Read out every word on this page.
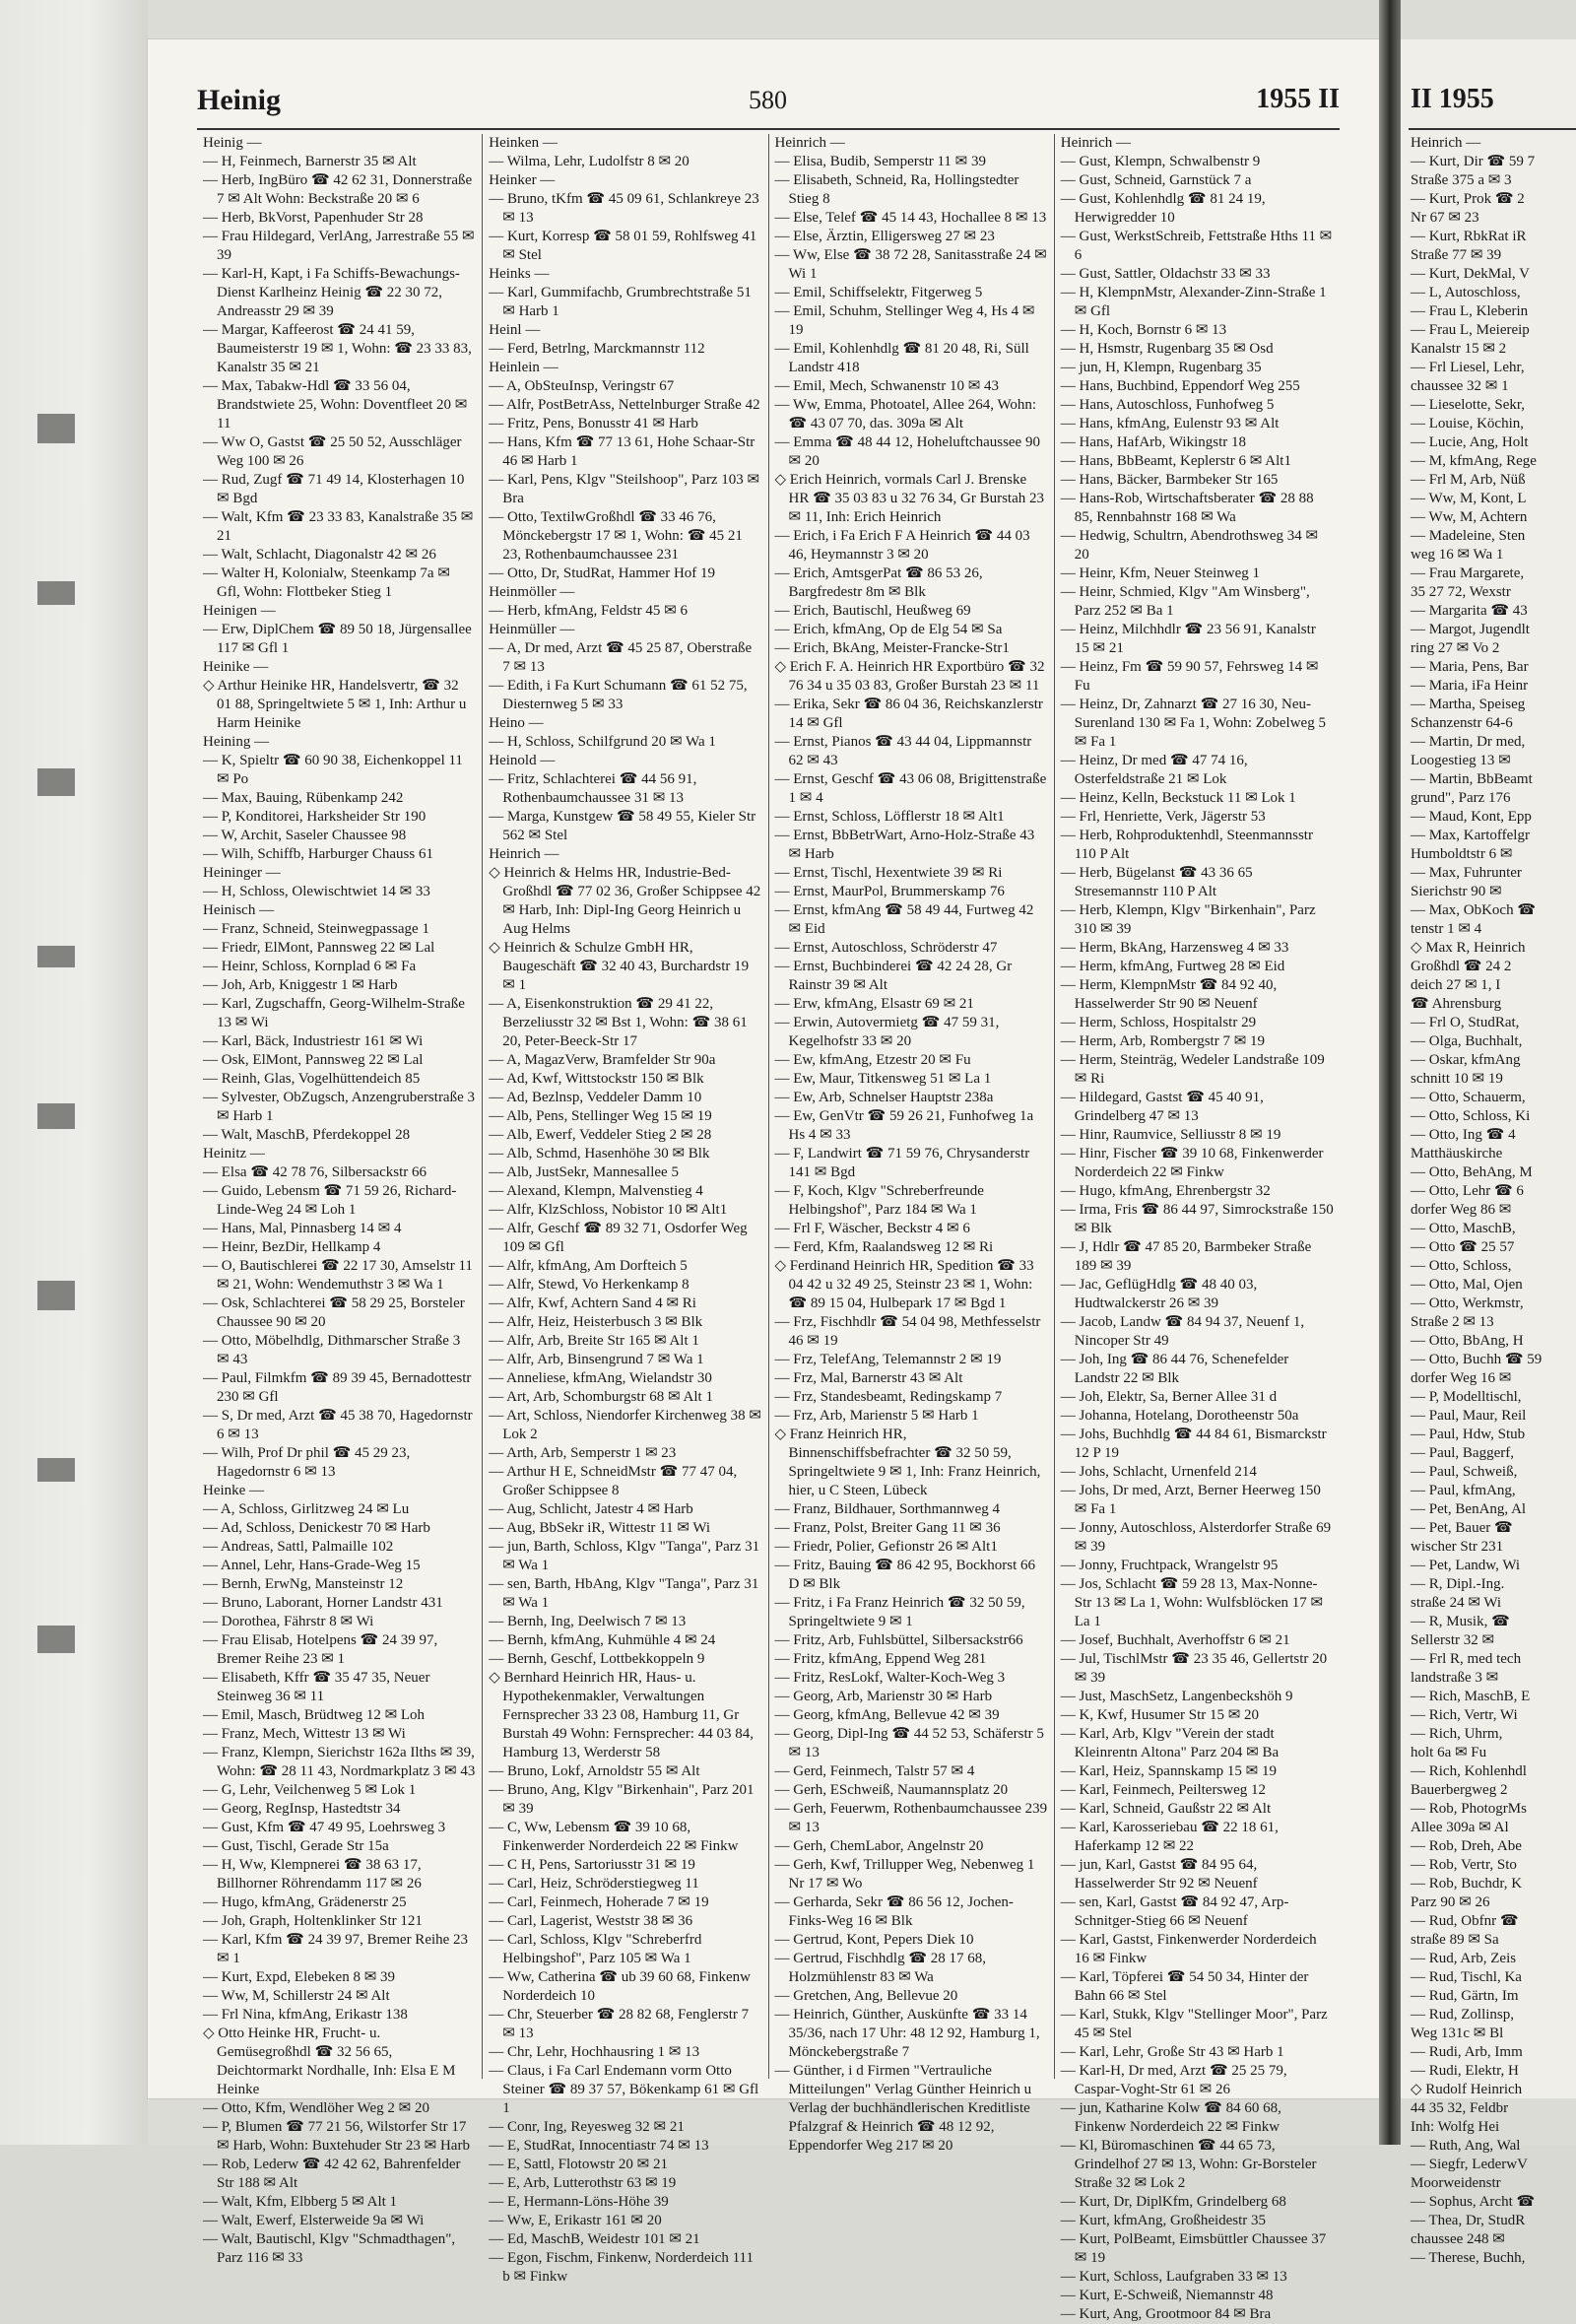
Heinig	580	1955 II

Heinig —

— H, Feinmech, Barnerstr 35 ✉ Alt

— Herb, IngBüro ☎ 42 62 31, Donnerstraße 7 ✉ Alt Wohn: Beckstraße 20 ✉ 6

— Herb, BkVorst, Papenhuder Str 28

— Frau Hildegard, VerlAng, Jarrestraße 55 ✉ 39

— Karl-H, Kapt, i Fa Schiffs-Bewachungs-Dienst Karlheinz Heinig ☎ 22 30 72, Andreasstr 29 ✉ 39

— Margar, Kaffeerost ☎ 24 41 59, Baumeisterstr 19 ✉ 1, Wohn: ☎ 23 33 83, Kanalstr 35 ✉ 21

— Max, Tabakw-Hdl ☎ 33 56 04, Brandstwiete 25, Wohn: Doventfleet 20 ✉ 11

— Ww O, Gastst ☎ 25 50 52, Ausschläger Weg 100 ✉ 26

— Rud, Zugf ☎ 71 49 14, Klosterhagen 10 ✉ Bgd

— Walt, Kfm ☎ 23 33 83, Kanalstraße 35 ✉ 21

— Walt, Schlacht, Diagonalstr 42 ✉ 26

— Walter H, Kolonialw, Steenkamp 7a ✉ Gfl, Wohn: Flottbeker Stieg 1

Heinigen —

— Erw, DiplChem ☎ 89 50 18, Jürgensallee 117 ✉ Gfl 1

Heinike —

◇ Arthur Heinike HR, Handelsvertr, ☎ 32 01 88, Springeltwiete 5 ✉ 1, Inh: Arthur u Harm Heinike

Heining —

— K, Spieltr ☎ 60 90 38, Eichenkoppel 11 ✉ Po

— Max, Bauing, Rübenkamp 242

— P, Konditorei, Harksheider Str 190

— W, Archit, Saseler Chaussee 98

— Wilh, Schiffb, Harburger Chauss 61

Heininger —

— H, Schloss, Olewischtwiet 14 ✉ 33

Heinisch —

— Franz, Schneid, Steinwegpassage 1

— Friedr, ElMont, Pannsweg 22 ✉ Lal

— Heinr, Schloss, Kornplad 6 ✉ Fa

— Joh, Arb, Kniggestr 1 ✉ Harb

— Karl, Zugschaffn, Georg-Wilhelm-Straße 13 ✉ Wi

— Karl, Bäck, Industriestr 161 ✉ Wi

— Osk, ElMont, Pannsweg 22 ✉ Lal

— Reinh, Glas, Vogelhüttendeich 85

— Sylvester, ObZugsch, Anzengruberstraße 3 ✉ Harb 1

— Walt, MaschB, Pferdekoppel 28

Heinitz —

— Elsa ☎ 42 78 76, Silbersackstr 66

— Guido, Lebensm ☎ 71 59 26, Richard-Linde-Weg 24 ✉ Loh 1

— Hans, Mal, Pinnasberg 14 ✉ 4

— Heinr, BezDir, Hellkamp 4

— O, Bautischlerei ☎ 22 17 30, Amselstr 11 ✉ 21, Wohn: Wendemuthstr 3 ✉ Wa 1

— Osk, Schlachterei ☎ 58 29 25, Borsteler Chaussee 90 ✉ 20

— Otto, Möbelhdlg, Dithmarscher Straße 3 ✉ 43

— Paul, Filmkfm ☎ 89 39 45, Bernadottestr 230 ✉ Gfl

— S, Dr med, Arzt ☎ 45 38 70, Hagedornstr 6 ✉ 13

— Wilh, Prof Dr phil ☎ 45 29 23, Hagedornstr 6 ✉ 13

Heinke —

— A, Schloss, Girlitzweg 24 ✉ Lu

— Ad, Schloss, Denickestr 70 ✉ Harb

— Andreas, Sattl, Palmaille 102

— Annel, Lehr, Hans-Grade-Weg 15

— Bernh, ErwNg, Mansteinstr 12

— Bruno, Laborant, Horner Landstr 431

— Dorothea, Fährstr 8 ✉ Wi

— Frau Elisab, Hotelpens ☎ 24 39 97, Bremer Reihe 23 ✉ 1

— Elisabeth, Kffr ☎ 35 47 35, Neuer Steinweg 36 ✉ 11

— Emil, Masch, Brüdtweg 12 ✉ Loh

— Franz, Mech, Wittestr 13 ✉ Wi

— Franz, Klempn, Sierichstr 162a Ilths ✉ 39, Wohn: ☎ 28 11 43, Nordmarkplatz 3 ✉ 43

— G, Lehr, Veilchenweg 5 ✉ Lok 1

— Georg, RegInsp, Hastedtstr 34

— Gust, Kfm ☎ 47 49 95, Loehrsweg 3

— Gust, Tischl, Gerade Str 15a

— H, Ww, Klempnerei ☎ 38 63 17, Billhorner Röhrendamm 117 ✉ 26

— Hugo, kfmAng, Grädenerstr 25

— Joh, Graph, Holtenklinker Str 121

— Karl, Kfm ☎ 24 39 97, Bremer Reihe 23 ✉ 1

— Kurt, Expd, Elebeken 8 ✉ 39

— Ww, M, Schillerstr 24 ✉ Alt

— Frl Nina, kfmAng, Erikastr 138

◇ Otto Heinke HR, Frucht- u. Gemüsegroßhdl ☎ 32 56 65, Deichtormarkt Nordhalle, Inh: Elsa E M Heinke

— Otto, Kfm, Wendlöher Weg 2 ✉ 20

— P, Blumen ☎ 77 21 56, Wilstorfer Str 17 ✉ Harb, Wohn: Buxtehuder Str 23 ✉ Harb

— Rob, Lederw ☎ 42 42 62, Bahrenfelder Str 188 ✉ Alt

— Walt, Kfm, Elbberg 5 ✉ Alt 1

— Walt, Ewerf, Elsterweide 9a ✉ Wi

— Walt, Bautischl, Klgv "Schmadthagen", Parz 116 ✉ 33

Heinken —

— Wilma, Lehr, Ludolfstr 8 ✉ 20

Heinker —

— Bruno, tKfm ☎ 45 09 61, Schlankreye 23 ✉ 13

— Kurt, Korresp ☎ 58 01 59, Rohlfsweg 41 ✉ Stel

Heinks —

— Karl, Gummifachb, Grumbrechtstraße 51 ✉ Harb 1

Heinl —

— Ferd, Betrlng, Marckmannstr 112

Heinlein —

— A, ObSteuInsp, Veringstr 67

— Alfr, PostBetrAss, Nettelnburger Straße 42

— Fritz, Pens, Bonusstr 41 ✉ Harb

— Hans, Kfm ☎ 77 13 61, Hohe Schaar-Str 46 ✉ Harb 1

— Karl, Pens, Klgv "Steilshoop", Parz 103 ✉ Bra

— Otto, TextilwGroßhdl ☎ 33 46 76, Mönckebergstr 17 ✉ 1, Wohn: ☎ 45 21 23, Rothenbaumchaussee 231

— Otto, Dr, StudRat, Hammer Hof 19

Heinmöller —

— Herb, kfmAng, Feldstr 45 ✉ 6

Heinmüller —

— A, Dr med, Arzt ☎ 45 25 87, Oberstraße 7 ✉ 13

— Edith, i Fa Kurt Schumann ☎ 61 52 75, Diesternweg 5 ✉ 33

Heino —

— H, Schloss, Schilfgrund 20 ✉ Wa 1

Heinold —

— Fritz, Schlachterei ☎ 44 56 91, Rothenbaumchaussee 31 ✉ 13

— Marga, Kunstgew ☎ 58 49 55, Kieler Str 562 ✉ Stel

Heinrich —

◇ Heinrich & Helms HR, Industrie-Bed-Großhdl ☎ 77 02 36, Großer Schippsee 42 ✉ Harb, Inh: Dipl-Ing Georg Heinrich u Aug Helms

◇ Heinrich & Schulze GmbH HR, Baugeschäft ☎ 32 40 43, Burchardstr 19 ✉ 1

— A, Eisenkonstruktion ☎ 29 41 22, Berzeliusstr 32 ✉ Bst 1, Wohn: ☎ 38 61 20, Peter-Beeck-Str 17

— A, MagazVerw, Bramfelder Str 90a

— Ad, Kwf, Wittstockstr 150 ✉ Blk

— Ad, Bezlnsp, Veddeler Damm 10

— Alb, Pens, Stellinger Weg 15 ✉ 19

— Alb, Ewerf, Veddeler Stieg 2 ✉ 28

— Alb, Schmd, Hasenhöhe 30 ✉ Blk

— Alb, JustSekr, Mannesallee 5

— Alexand, Klempn, Malvenstieg 4

— Alfr, KlzSchloss, Nobistor 10 ✉ Alt1

— Alfr, Geschf ☎ 89 32 71, Osdorfer Weg 109 ✉ Gfl

— Alfr, kfmAng, Am Dorfteich 5

— Alfr, Stewd, Vo Herkenkamp 8

— Alfr, Kwf, Achtern Sand 4 ✉ Ri

— Alfr, Heiz, Heisterbusch 3 ✉ Blk

— Alfr, Arb, Breite Str 165 ✉ Alt 1

— Alfr, Arb, Binsengrund 7 ✉ Wa 1

— Anneliese, kfmAng, Wielandstr 30

— Art, Arb, Schomburgstr 68 ✉ Alt 1

— Art, Schloss, Niendorfer Kirchenweg 38 ✉ Lok 2

— Arth, Arb, Semperstr 1 ✉ 23

— Arthur H E, SchneidMstr ☎ 77 47 04, Großer Schippsee 8

— Aug, Schlicht, Jatestr 4 ✉ Harb

— Aug, BbSekr iR, Wittestr 11 ✉ Wi

— jun, Barth, Schloss, Klgv "Tanga", Parz 31 ✉ Wa 1

— sen, Barth, HbAng, Klgv "Tanga", Parz 31 ✉ Wa 1

— Bernh, Ing, Deelwisch 7 ✉ 13

— Bernh, kfmAng, Kuhmühle 4 ✉ 24

— Bernh, Geschf, Lottbekkoppeln 9

◇ Bernhard Heinrich HR, Haus- u. Hypothekenmakler, Verwaltungen Fernsprecher 33 23 08, Hamburg 11, Gr Burstah 49 Wohn: Fernsprecher: 44 03 84, Hamburg 13, Werderstr 58

— Bruno, Lokf, Arnoldstr 55 ✉ Alt

— Bruno, Ang, Klgv "Birkenhain", Parz 201 ✉ 39

— C, Ww, Lebensm ☎ 39 10 68, Finkenwerder Norderdeich 22 ✉ Finkw

— C H, Pens, Sartoriusstr 31 ✉ 19

— Carl, Heiz, Schröderstiegweg 11

— Carl, Feinmech, Hoherade 7 ✉ 19

— Carl, Lagerist, Weststr 38 ✉ 36

— Carl, Schloss, Klgv "Schreberfrd Helbingshof", Parz 105 ✉ Wa 1

— Ww, Catherina ☎ ub 39 60 68, Finkenw Norderdeich 10

— Chr, Steuerber ☎ 28 82 68, Fenglerstr 7 ✉ 13

— Chr, Lehr, Hochhausring 1 ✉ 13

— Claus, i Fa Carl Endemann vorm Otto Steiner ☎ 89 37 57, Bökenkamp 61 ✉ Gfl 1

— Conr, Ing, Reyesweg 32 ✉ 21

— E, StudRat, Innocentiastr 74 ✉ 13

— E, Sattl, Flotowstr 20 ✉ 21

— E, Arb, Lutterothstr 63 ✉ 19

— E, Hermann-Löns-Höhe 39

— Ww, E, Erikastr 161 ✉ 20

— Ed, MaschB, Weidestr 101 ✉ 21

— Egon, Fischm, Finkenw, Norderdeich 111 b ✉ Finkw

Heinrich —

— Elisa, Budib, Semperstr 11 ✉ 39

— Elisabeth, Schneid, Ra, Hollingstedter Stieg 8

— Else, Telef ☎ 45 14 43, Hochallee 8 ✉ 13

— Else, Ärztin, Elligersweg 27 ✉ 23

— Ww, Else ☎ 38 72 28, Sanitasstraße 24 ✉ Wi 1

— Emil, Schiffselektr, Fitgerweg 5

— Emil, Schuhm, Stellinger Weg 4, Hs 4 ✉ 19

— Emil, Kohlenhdlg ☎ 81 20 48, Ri, Süll Landstr 418

— Emil, Mech, Schwanenstr 10 ✉ 43

— Ww, Emma, Photoatel, Allee 264, Wohn: ☎ 43 07 70, das. 309a ✉ Alt

— Emma ☎ 48 44 12, Hoheluftchaussee 90 ✉ 20

◇ Erich Heinrich, vormals Carl J. Brenske HR ☎ 35 03 83 u 32 76 34, Gr Burstah 23 ✉ 11, Inh: Erich Heinrich

— Erich, i Fa Erich F A Heinrich ☎ 44 03 46, Heymannstr 3 ✉ 20

— Erich, AmtsgerPat ☎ 86 53 26, Bargfredestr 8m ✉ Blk

— Erich, Bautischl, Heußweg 69

— Erich, kfmAng, Op de Elg 54 ✉ Sa

— Erich, BkAng, Meister-Francke-Str1

◇ Erich F. A. Heinrich HR Exportbüro ☎ 32 76 34 u 35 03 83, Großer Burstah 23 ✉ 11

— Erika, Sekr ☎ 86 04 36, Reichskanzlerstr 14 ✉ Gfl

— Ernst, Pianos ☎ 43 44 04, Lippmannstr 62 ✉ 43

— Ernst, Geschf ☎ 43 06 08, Brigittenstraße 1 ✉ 4

— Ernst, Schloss, Löfflerstr 18 ✉ Alt1

— Ernst, BbBetrWart, Arno-Holz-Straße 43 ✉ Harb

— Ernst, Tischl, Hexentwiete 39 ✉ Ri

— Ernst, MaurPol, Brummerskamp 76

— Ernst, kfmAng ☎ 58 49 44, Furtweg 42 ✉ Eid

— Ernst, Autoschloss, Schröderstr 47

— Ernst, Buchbinderei ☎ 42 24 28, Gr Rainstr 39 ✉ Alt

— Erw, kfmAng, Elsastr 69 ✉ 21

— Erwin, Autovermietg ☎ 47 59 31, Kegelhofstr 33 ✉ 20

— Ew, kfmAng, Etzestr 20 ✉ Fu

— Ew, Maur, Titkensweg 51 ✉ La 1

— Ew, Arb, Schnelser Hauptstr 238a

— Ew, GenVtr ☎ 59 26 21, Funhofweg 1a Hs 4 ✉ 33

— F, Landwirt ☎ 71 59 76, Chrysanderstr 141 ✉ Bgd

— F, Koch, Klgv "Schreberfreunde Helbingshof", Parz 184 ✉ Wa 1

— Frl F, Wäscher, Beckstr 4 ✉ 6

— Ferd, Kfm, Raalandsweg 12 ✉ Ri

◇ Ferdinand Heinrich HR, Spedition ☎ 33 04 42 u 32 49 25, Steinstr 23 ✉ 1, Wohn: ☎ 89 15 04, Hulbepark 17 ✉ Bgd 1

— Frz, Fischhdlr ☎ 54 04 98, Methfesselstr 46 ✉ 19

— Frz, TelefAng, Telemannstr 2 ✉ 19

— Frz, Mal, Barnerstr 43 ✉ Alt

— Frz, Standesbeamt, Redingskamp 7

— Frz, Arb, Marienstr 5 ✉ Harb 1

◇ Franz Heinrich HR, Binnenschiffsbefrachter ☎ 32 50 59, Springeltwiete 9 ✉ 1, Inh: Franz Heinrich, hier, u C Steen, Lübeck

— Franz, Bildhauer, Sorthmannweg 4

— Franz, Polst, Breiter Gang 11 ✉ 36

— Friedr, Polier, Gefionstr 26 ✉ Alt1

— Fritz, Bauing ☎ 86 42 95, Bockhorst 66 D ✉ Blk

— Fritz, i Fa Franz Heinrich ☎ 32 50 59, Springeltwiete 9 ✉ 1

— Fritz, Arb, Fuhlsbüttel, Silbersackstr66

— Fritz, kfmAng, Eppend Weg 281

— Fritz, ResLokf, Walter-Koch-Weg 3

— Georg, Arb, Marienstr 30 ✉ Harb

— Georg, kfmAng, Bellevue 42 ✉ 39

— Georg, Dipl-Ing ☎ 44 52 53, Schäferstr 5 ✉ 13

— Gerd, Feinmech, Talstr 57 ✉ 4

— Gerh, ESchweiß, Naumannsplatz 20

— Gerh, Feuerwm, Rothenbaumchaussee 239 ✉ 13

— Gerh, ChemLabor, Angelnstr 20

— Gerh, Kwf, Trillupper Weg, Nebenweg 1 Nr 17 ✉ Wo

— Gerharda, Sekr ☎ 86 56 12, Jochen-Finks-Weg 16 ✉ Blk

— Gertrud, Kont, Pepers Diek 10

— Gertrud, Fischhdlg ☎ 28 17 68, Holzmühlenstr 83 ✉ Wa

— Gretchen, Ang, Bellevue 20

— Heinrich, Günther, Auskünfte ☎ 33 14 35/36, nach 17 Uhr: 48 12 92, Hamburg 1, Mönckebergstraße 7

— Günther, i d Firmen "Vertrauliche Mitteilungen" Verlag Günther Heinrich u Verlag der buchhändlerischen Kreditliste Pfalzgraf & Heinrich ☎ 48 12 92, Eppendorfer Weg 217 ✉ 20

Heinrich —

— Gust, Klempn, Schwalbenstr 9

— Gust, Schneid, Garnstück 7 a

— Gust, Kohlenhdlg ☎ 81 24 19, Herwigredder 10

— Gust, WerkstSchreib, Fettstraße Hths 11 ✉ 6

— Gust, Sattler, Oldachstr 33 ✉ 33

— H, KlempnMstr, Alexander-Zinn-Straße 1 ✉ Gfl

— H, Koch, Bornstr 6 ✉ 13

— H, Hsmstr, Rugenbarg 35 ✉ Osd

— jun, H, Klempn, Rugenbarg 35

— Hans, Buchbind, Eppendorf Weg 255

— Hans, Autoschloss, Funhofweg 5

— Hans, kfmAng, Eulenstr 93 ✉ Alt

— Hans, HafArb, Wikingstr 18

— Hans, BbBeamt, Keplerstr 6 ✉ Alt1

— Hans, Bäcker, Barmbeker Str 165

— Hans-Rob, Wirtschaftsberater ☎ 28 88 85, Rennbahnstr 168 ✉ Wa

— Hedwig, Schultrn, Abendrothsweg 34 ✉ 20

— Heinr, Kfm, Neuer Steinweg 1

— Heinr, Schmied, Klgv "Am Winsberg", Parz 252 ✉ Ba 1

— Heinz, Milchhdlr ☎ 23 56 91, Kanalstr 15 ✉ 21

— Heinz, Fm ☎ 59 90 57, Fehrsweg 14 ✉ Fu

— Heinz, Dr, Zahnarzt ☎ 27 16 30, Neu-Surenland 130 ✉ Fa 1, Wohn: Zobelweg 5 ✉ Fa 1

— Heinz, Dr med ☎ 47 74 16, Osterfeldstraße 21 ✉ Lok

— Heinz, Kelln, Beckstuck 11 ✉ Lok 1

— Frl, Henriette, Verk, Jägerstr 53

— Herb, Rohproduktenhdl, Steenmannsstr 110 P Alt

— Herb, Bügelanst ☎ 43 36 65 Stresemannstr 110 P Alt

— Herb, Klempn, Klgv "Birkenhain", Parz 310 ✉ 39

— Herm, BkAng, Harzensweg 4 ✉ 33

— Herm, kfmAng, Furtweg 28 ✉ Eid

— Herm, KlempnMstr ☎ 84 92 40, Hasselwerder Str 90 ✉ Neuenf

— Herm, Schloss, Hospitalstr 29

— Herm, Arb, Rombergstr 7 ✉ 19

— Herm, Steinträg, Wedeler Landstraße 109 ✉ Ri

— Hildegard, Gastst ☎ 45 40 91, Grindelberg 47 ✉ 13

— Hinr, Raumvice, Selliusstr 8 ✉ 19

— Hinr, Fischer ☎ 39 10 68, Finkenwerder Norderdeich 22 ✉ Finkw

— Hugo, kfmAng, Ehrenbergstr 32

— Irma, Fris ☎ 86 44 97, Simrockstraße 150 ✉ Blk

— J, Hdlr ☎ 47 85 20, Barmbeker Straße 189 ✉ 39

— Jac, GeflügHdlg ☎ 48 40 03, Hudtwalckerstr 26 ✉ 39

— Jacob, Landw ☎ 84 94 37, Neuenf 1, Nincoper Str 49

— Joh, Ing ☎ 86 44 76, Schenefelder Landstr 22 ✉ Blk

— Joh, Elektr, Sa, Berner Allee 31 d

— Johanna, Hotelang, Dorotheenstr 50a

— Johs, Buchhdlg ☎ 44 84 61, Bismarckstr 12 P 19

— Johs, Schlacht, Urnenfeld 214

— Johs, Dr med, Arzt, Berner Heerweg 150 ✉ Fa 1

— Jonny, Autoschloss, Alsterdorfer Straße 69 ✉ 39

— Jonny, Fruchtpack, Wrangelstr 95

— Jos, Schlacht ☎ 59 28 13, Max-Nonne-Str 13 ✉ La 1, Wohn: Wulfsblöcken 17 ✉ La 1

— Josef, Buchhalt, Averhoffstr 6 ✉ 21

— Jul, TischlMstr ☎ 23 35 46, Gellertstr 20 ✉ 39

— Just, MaschSetz, Langenbeckshöh 9

— K, Kwf, Husumer Str 15 ✉ 20

— Karl, Arb, Klgv "Verein der stadt Kleinrentn Altona" Parz 204 ✉ Ba

— Karl, Heiz, Spannskamp 15 ✉ 19

— Karl, Feinmech, Peiltersweg 12

— Karl, Schneid, Gaußstr 22 ✉ Alt

— Karl, Karosseriebau ☎ 22 18 61, Haferkamp 12 ✉ 22

— jun, Karl, Gastst ☎ 84 95 64, Hasselwerder Str 92 ✉ Neuenf

— sen, Karl, Gastst ☎ 84 92 47, Arp-Schnitger-Stieg 66 ✉ Neuenf

— Karl, Gastst, Finkenwerder Norderdeich 16 ✉ Finkw

— Karl, Töpferei ☎ 54 50 34, Hinter der Bahn 66 ✉ Stel

— Karl, Stukk, Klgv "Stellinger Moor", Parz 45 ✉ Stel

— Karl, Lehr, Große Str 43 ✉ Harb 1

— Karl-H, Dr med, Arzt ☎ 25 25 79, Caspar-Voght-Str 61 ✉ 26

— jun, Katharine Kolw ☎ 84 60 68, Finkenw Norderdeich 22 ✉ Finkw

— Kl, Büromaschinen ☎ 44 65 73, Grindelhof 27 ✉ 13, Wohn: Gr-Borsteler Straße 32 ✉ Lok 2

— Kurt, Dr, DiplKfm, Grindelberg 68

— Kurt, kfmAng, Großheidestr 35

— Kurt, PolBeamt, Eimsbüttler Chaussee 37 ✉ 19

— Kurt, Schloss, Laufgraben 33 ✉ 13

— Kurt, E-Schweiß, Niemannstr 48

— Kurt, Ang, Grootmoor 84 ✉ Bra

II 1955

Heinrich —

— Kurt, Dir ☎ 59 7

Straße 375 a ✉ 3

— Kurt, Prok ☎ 2

Nr 67 ✉ 23

— Kurt, RbkRat iR

Straße 77 ✉ 39

— Kurt, DekMal, V

— L, Autoschloss,

— Frau L, Kleberin

— Frau L, Meiereip

Kanalstr 15 ✉ 2

— Frl Liesel, Lehr,

chaussee 32 ✉ 1

— Lieselotte, Sekr,

— Louise, Köchin,

— Lucie, Ang, Holt

— M, kfmAng, Rege

— Frl M, Arb, Nüß

— Ww, M, Kont, L

— Ww, M, Achtern

— Madeleine, Sten

weg 16 ✉ Wa 1

— Frau Margarete,

35 27 72, Wexstr

— Margarita ☎ 43

— Margot, Jugendlt

ring 27 ✉ Vo 2

— Maria, Pens, Bar

— Maria, iFa Heinr

— Martha, Speiseg

Schanzenstr 64-6

— Martin, Dr med,

Loogestieg 13 ✉

— Martin, BbBeamt

grund", Parz 176

— Maud, Kont, Epp

— Max, Kartoffelgr

Humboldtstr 6 ✉

— Max, Fuhrunter

Sierichstr 90 ✉

— Max, ObKoch ☎

tenstr 1 ✉ 4

◇ Max R, Heinrich

Großhdl ☎ 24 2

deich 27 ✉ 1, I

☎ Ahrensburg

— Frl O, StudRat,

— Olga, Buchhalt,

— Oskar, kfmAng

schnitt 10 ✉ 19

— Otto, Schauerm,

— Otto, Schloss, Ki

— Otto, Ing ☎ 4

Matthäuskirche

— Otto, BehAng, M

— Otto, Lehr ☎ 6

dorfer Weg 86 ✉

— Otto, MaschB,

— Otto ☎ 25 57

— Otto, Schloss,

— Otto, Mal, Ojen

— Otto, Werkmstr,

Straße 2 ✉ 13

— Otto, BbAng, H

— Otto, Buchh ☎ 59

dorfer Weg 16 ✉

— P, Modelltischl,

— Paul, Maur, Reil

— Paul, Hdw, Stub

— Paul, Baggerf,

— Paul, Schweiß,

— Paul, kfmAng,

— Pet, BenAng, Al

— Pet, Bauer ☎

wischer Str 231

— Pet, Landw, Wi

— R, Dipl.-Ing.

straße 24 ✉ Wi

— R, Musik, ☎

Sellerstr 32 ✉

— Frl R, med tech

landstraße 3 ✉

— Rich, MaschB, E

— Rich, Vertr, Wi

— Rich, Uhrm,

holt 6a ✉ Fu

— Rich, Kohlenhdl

Bauerbergweg 2

— Rob, PhotogrMs

Allee 309a ✉ Al

— Rob, Dreh, Abe

— Rob, Vertr, Sto

— Rob, Buchdr, K

Parz 90 ✉ 26

— Rud, Obfnr ☎

straße 89 ✉ Sa

— Rud, Arb, Zeis

— Rud, Tischl, Ka

— Rud, Gärtn, Im

— Rud, Zollinsp,

Weg 131c ✉ Bl

— Rudi, Arb, Imm

— Rudi, Elektr, H

◇ Rudolf Heinrich

44 35 32, Feldbr

Inh: Wolfg Hei

— Ruth, Ang, Wal

— Siegfr, LederwV

Moorweidenstr

— Sophus, Archt ☎

— Thea, Dr, StudR

chaussee 248 ✉

— Therese, Buchh,
